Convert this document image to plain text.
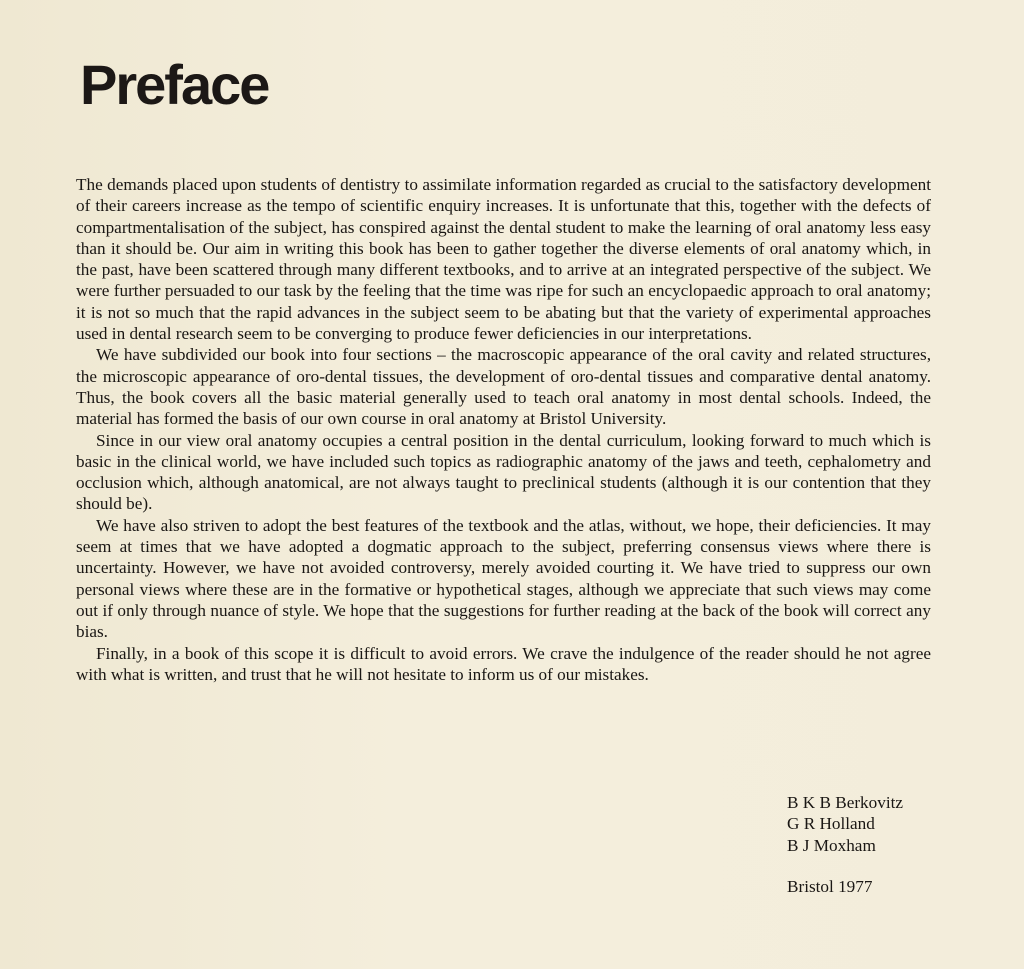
Preface

The demands placed upon students of dentistry to assimilate information regarded as crucial to the satisfactory development of their careers increase as the tempo of scientific enquiry increases. It is unfortunate that this, together with the defects of compartmentalisation of the subject, has conspired against the dental student to make the learning of oral anatomy less easy than it should be. Our aim in writing this book has been to gather together the diverse elements of oral anatomy which, in the past, have been scattered through many different textbooks, and to arrive at an integrated perspective of the subject. We were further persuaded to our task by the feeling that the time was ripe for such an encyclopaedic approach to oral anatomy; it is not so much that the rapid advances in the subject seem to be abating but that the variety of experimental approaches used in dental research seem to be converging to produce fewer deficiencies in our interpretations.

We have subdivided our book into four sections – the macroscopic appearance of the oral cavity and related structures, the microscopic appearance of oro-dental tissues, the development of oro-dental tissues and comparative dental anatomy. Thus, the book covers all the basic material generally used to teach oral anatomy in most dental schools. Indeed, the material has formed the basis of our own course in oral anatomy at Bristol University.

Since in our view oral anatomy occupies a central position in the dental curriculum, looking forward to much which is basic in the clinical world, we have included such topics as radiographic anatomy of the jaws and teeth, cephalometry and occlusion which, although anatomical, are not always taught to preclinical students (although it is our contention that they should be).

We have also striven to adopt the best features of the textbook and the atlas, without, we hope, their deficiencies. It may seem at times that we have adopted a dogmatic approach to the subject, preferring consensus views where there is uncertainty. However, we have not avoided controversy, merely avoided courting it. We have tried to suppress our own personal views where these are in the formative or hypothetical stages, although we appreciate that such views may come out if only through nuance of style. We hope that the suggestions for further reading at the back of the book will correct any bias.

Finally, in a book of this scope it is difficult to avoid errors. We crave the indulgence of the reader should he not agree with what is written, and trust that he will not hesitate to inform us of our mistakes.

B K B Berkovitz
G R Holland
B J Moxham
Bristol 1977
